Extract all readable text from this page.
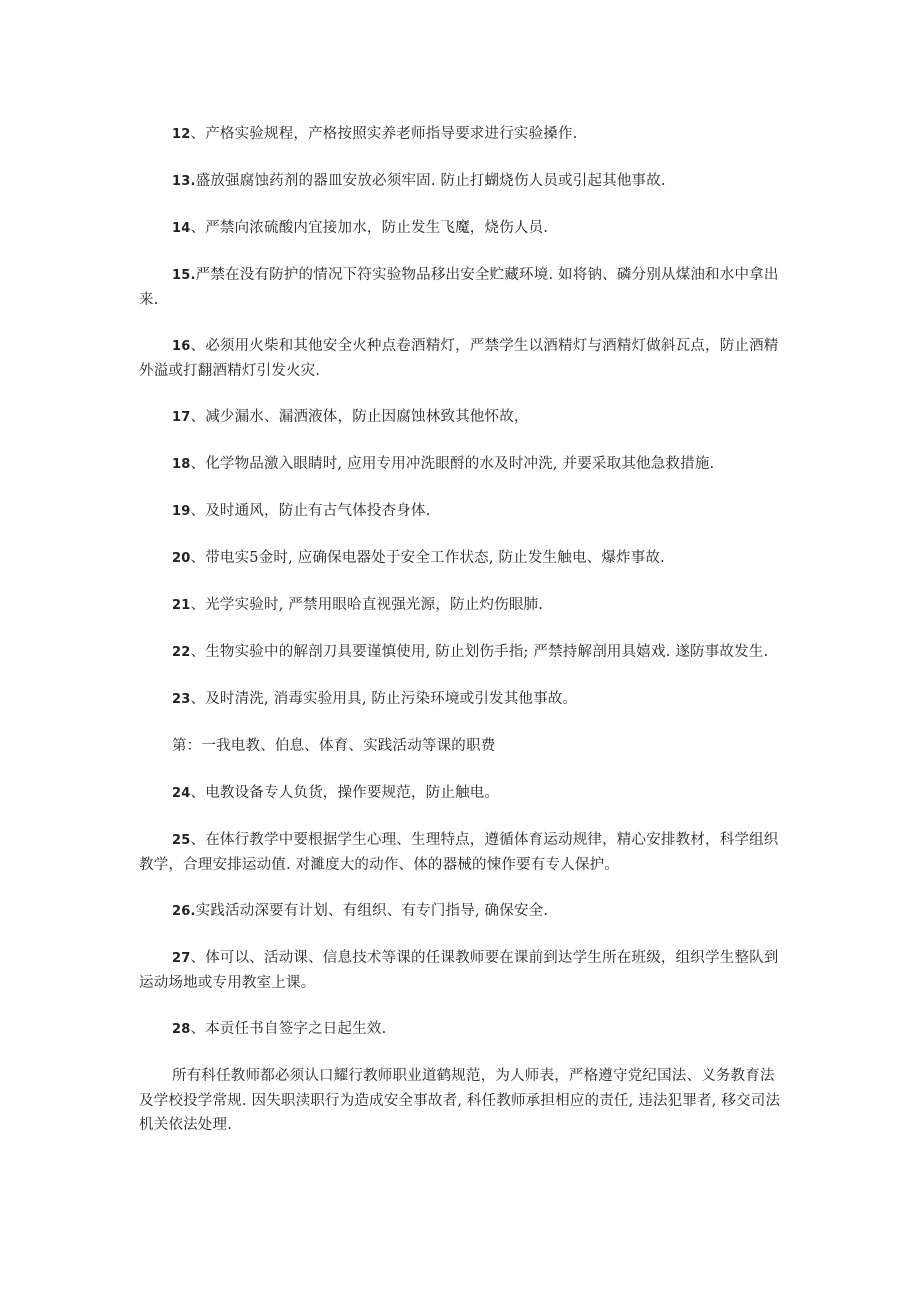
12、产格实验规程，产格按照实养老师指导要求进行实验搡作.

13.盛放强腐蚀药剂的器皿安放必须牢固. 防止打蝴烧伤人员或引起其他事故.

14、严禁向浓硫酸内宜接加水，防止发生飞魔，烧伤人员.

15.严禁在没有防护的情况下符实验物品移出安全贮藏环境. 如将钠、磷分别从煤油和水中拿出来.

16、必须用火柴和其他安全火种点卷酒精灯，严禁学生以酒精灯与酒精灯做斜瓦点，防止酒精外溢或打翻酒精灯引发火灾.

17、减少漏水、漏洒液体，防止因腐蚀林致其他怀故，

18、化学物品激入眼睛时, 应用专用冲洗眼酹的水及时冲洗, 并要采取其他急救措施.

19、及时通风，防止有古气体投杏身体.

20、带电实5金时, 应确保电器处于安全工作状态, 防止发生触电、爆炸事故.

21、光学实验时, 严禁用眼哈直视强光源，防止灼伤眼肺.

22、生物实验中的解剖刀具要谨慎使用, 防止划伤手指; 严禁持解剖用具嬉戏. 遂防事故发生.

23、及时清洗, 消毒实验用具, 防止污染环境或引发其他事故。

第：一我电教、伯息、体育、实践活动等课的职费

24、电教设备专人负货，操作要规范，防止触电。

25、在体行教学中要根据学生心理、生理特点，遵循体育运动规律，精心安排教材，科学组织教学，合理安排运动值. 对濉度大的动作、体的器械的悚作要有专人保护。

26.实践活动深要有计划、有组织、有专门指导, 确保安全.

27、体可以、活动课、信息技术等课的任课教师要在课前到达学生所在班级，组织学生整队到运动场地或专用教室上课。

28、本贡任书自签字之日起生效.

所有科任教师都必须认口耀行教师职业道鹤规范，为人师表，严格遵守党纪国法、义务教育法及学校投学常规. 因失职渎职行为造成安全事故者, 科任教师承担相应的责任, 违法犯罪者, 移交司法机关依法处理.
